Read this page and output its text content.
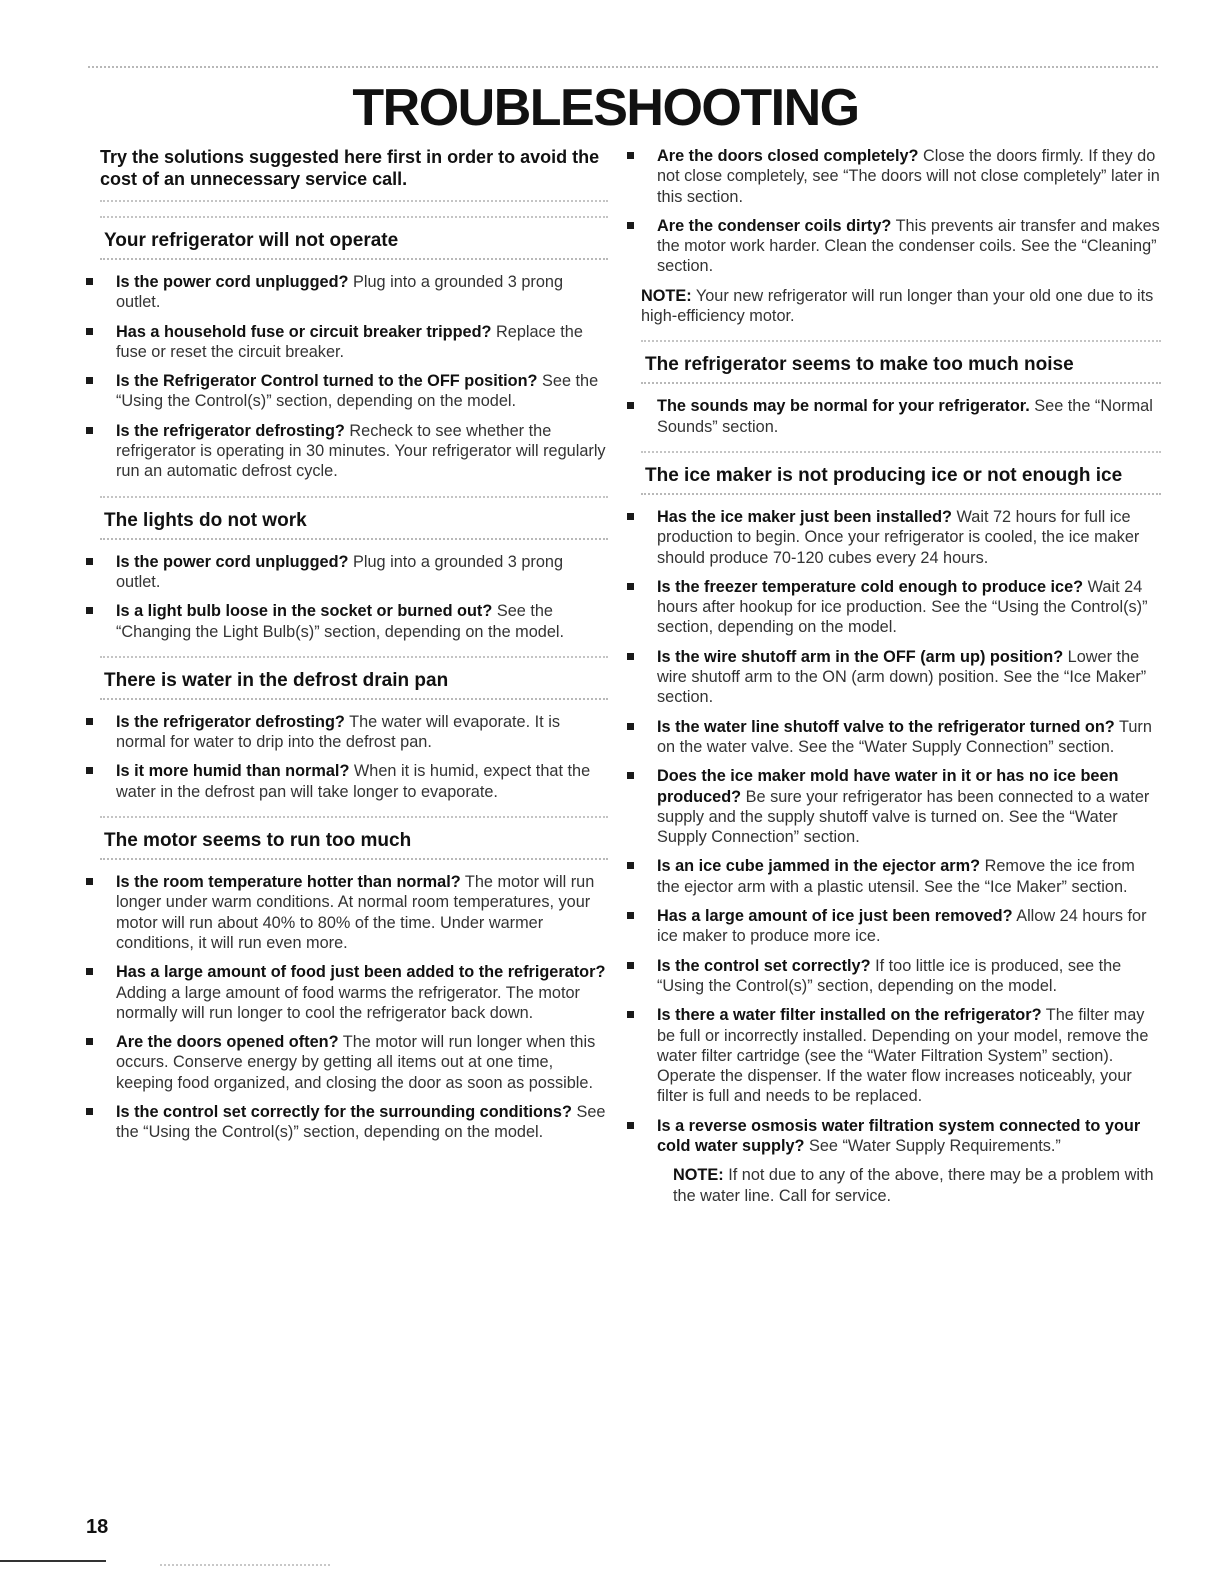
TROUBLESHOOTING
Try the solutions suggested here first in order to avoid the cost of an unnecessary service call.
Your refrigerator will not operate
Is the power cord unplugged? Plug into a grounded 3 prong outlet.
Has a household fuse or circuit breaker tripped? Replace the fuse or reset the circuit breaker.
Is the Refrigerator Control turned to the OFF position? See the “Using the Control(s)” section, depending on the model.
Is the refrigerator defrosting? Recheck to see whether the refrigerator is operating in 30 minutes. Your refrigerator will regularly run an automatic defrost cycle.
The lights do not work
Is the power cord unplugged? Plug into a grounded 3 prong outlet.
Is a light bulb loose in the socket or burned out? See the “Changing the Light Bulb(s)” section, depending on the model.
There is water in the defrost drain pan
Is the refrigerator defrosting? The water will evaporate. It is normal for water to drip into the defrost pan.
Is it more humid than normal? When it is humid, expect that the water in the defrost pan will take longer to evaporate.
The motor seems to run too much
Is the room temperature hotter than normal? The motor will run longer under warm conditions. At normal room temperatures, your motor will run about 40% to 80% of the time. Under warmer conditions, it will run even more.
Has a large amount of food just been added to the refrigerator? Adding a large amount of food warms the refrigerator. The motor normally will run longer to cool the refrigerator back down.
Are the doors opened often? The motor will run longer when this occurs. Conserve energy by getting all items out at one time, keeping food organized, and closing the door as soon as possible.
Is the control set correctly for the surrounding conditions? See the “Using the Control(s)” section, depending on the model.
Are the doors closed completely? Close the doors firmly. If they do not close completely, see “The doors will not close completely” later in this section.
Are the condenser coils dirty? This prevents air transfer and makes the motor work harder. Clean the condenser coils. See the “Cleaning” section.

NOTE: Your new refrigerator will run longer than your old one due to its high-efficiency motor.

The refrigerator seems to make too much noise
The sounds may be normal for your refrigerator. See the “Normal Sounds” section.
The ice maker is not producing ice or not enough ice
Has the ice maker just been installed? Wait 72 hours for full ice production to begin. Once your refrigerator is cooled, the ice maker should produce 70-120 cubes every 24 hours.
Is the freezer temperature cold enough to produce ice? Wait 24 hours after hookup for ice production. See the “Using the Control(s)” section, depending on the model.
Is the wire shutoff arm in the OFF (arm up) position? Lower the wire shutoff arm to the ON (arm down) position. See the “Ice Maker” section.
Is the water line shutoff valve to the refrigerator turned on? Turn on the water valve. See the “Water Supply Connection” section.
Does the ice maker mold have water in it or has no ice been produced? Be sure your refrigerator has been connected to a water supply and the supply shutoff valve is turned on. See the “Water Supply Connection” section.
Is an ice cube jammed in the ejector arm? Remove the ice from the ejector arm with a plastic utensil. See the “Ice Maker” section.
Has a large amount of ice just been removed? Allow 24 hours for ice maker to produce more ice.
Is the control set correctly? If too little ice is produced, see the “Using the Control(s)” section, depending on the model.
Is there a water filter installed on the refrigerator? The filter may be full or incorrectly installed. Depending on your model, remove the water filter cartridge (see the “Water Filtration System” section). Operate the dispenser. If the water flow increases noticeably, your filter is full and needs to be replaced.
Is a reverse osmosis water filtration system connected to your cold water supply? See “Water Supply Requirements.”

NOTE: If not due to any of the above, there may be a problem with the water line. Call for service.

18
